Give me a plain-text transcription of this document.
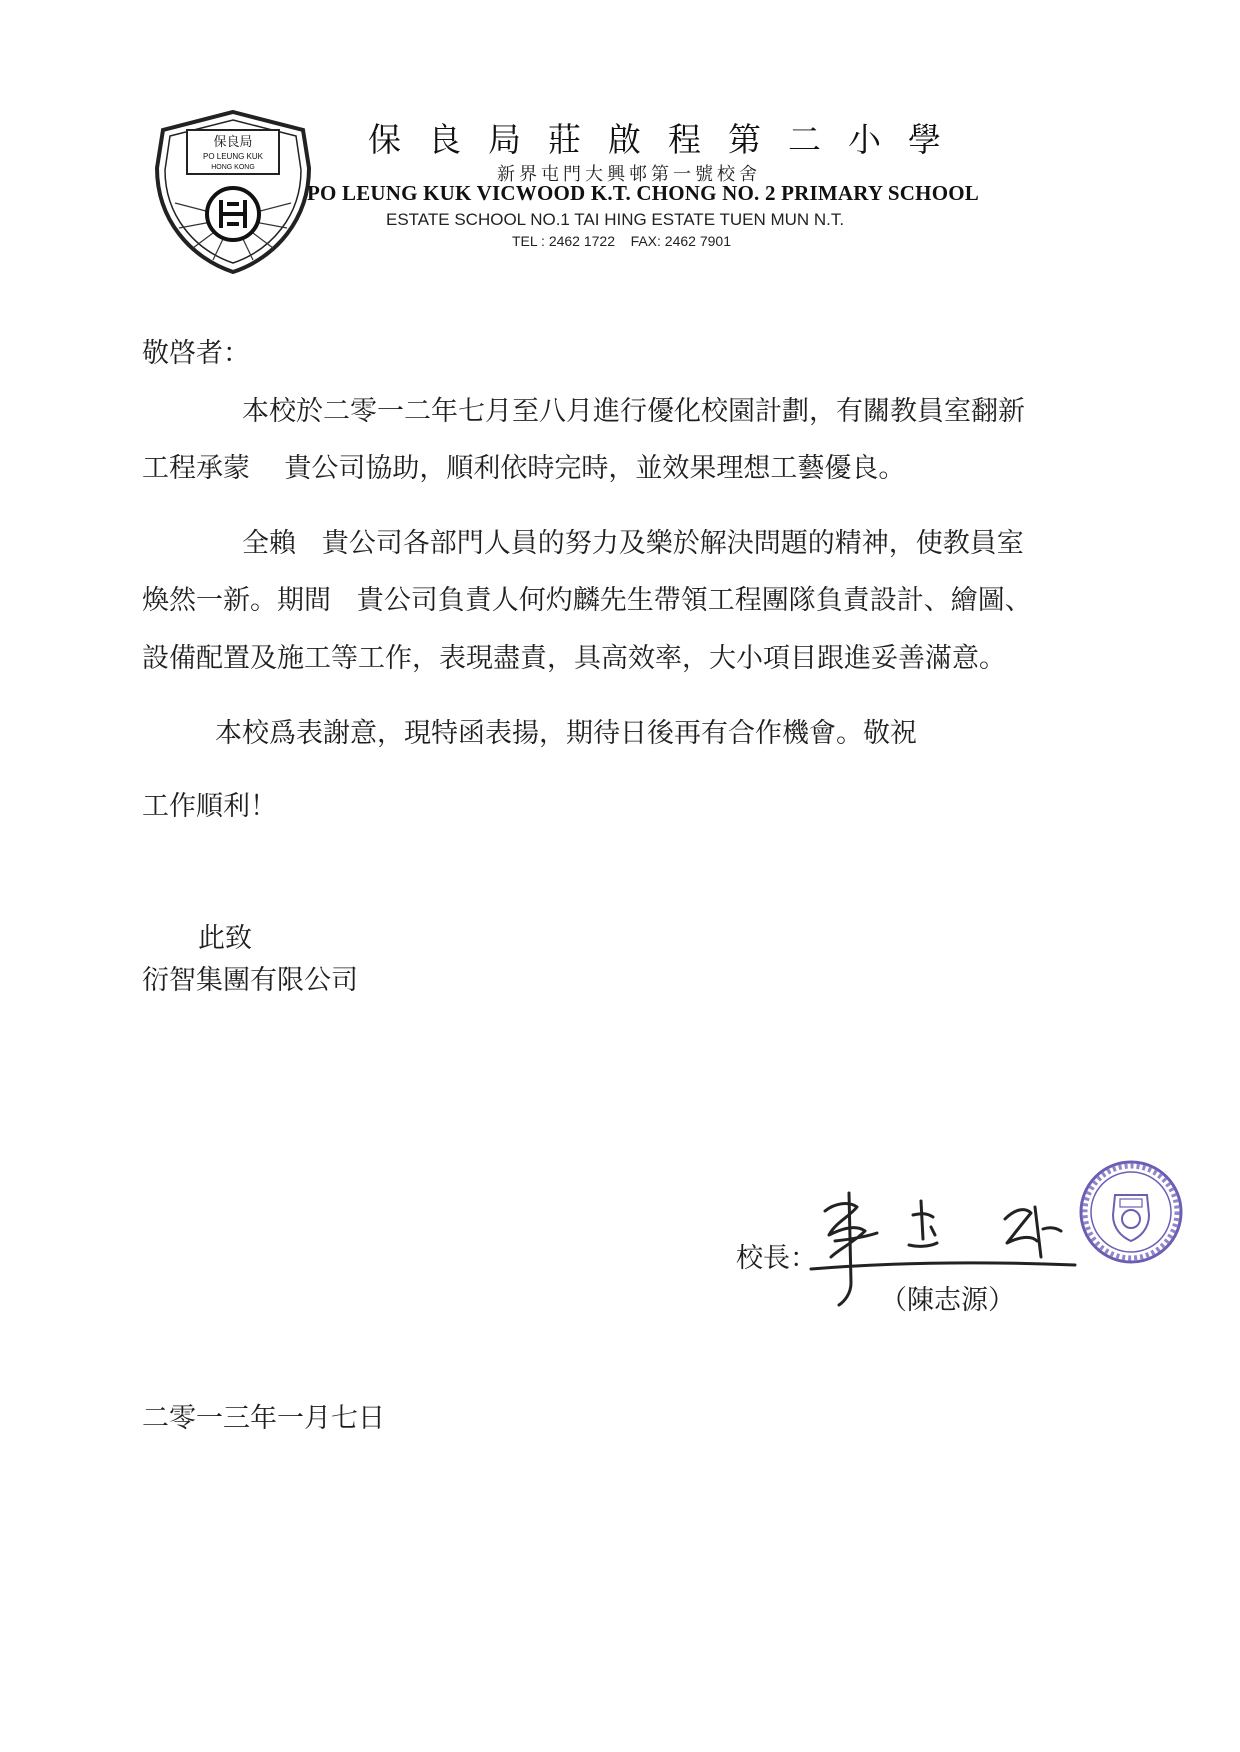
保良局
PO LEUNG KUK
HONG KONG
保良局莊啟程第二小學
新界屯門大興邨第一號校舍
PO LEUNG KUK VICWOOD K.T. CHONG NO. 2 PRIMARY SCHOOL
ESTATE SCHOOL NO.1 TAI HING ESTATE TUEN MUN N.T.
TEL : 2462 1722    FAX: 2462 7901
敬啓者：
本校於二零一二年七月至八月進行優化校園計劃，有關教員室翻新
工程承蒙    貴公司協助，順利依時完時，並效果理想工藝優良。
全賴   貴公司各部門人員的努力及樂於解決問題的精神，使教員室
煥然一新。期間   貴公司負責人何灼麟先生帶領工程團隊負責設計、繪圖、
設備配置及施工等工作，表現盡責，具高效率，大小項目跟進妥善滿意。
本校爲表謝意，現特函表揚，期待日後再有合作機會。敬祝
工作順利！
此致
衍智集團有限公司
校長：
（陳志源）
二零一三年一月七日
